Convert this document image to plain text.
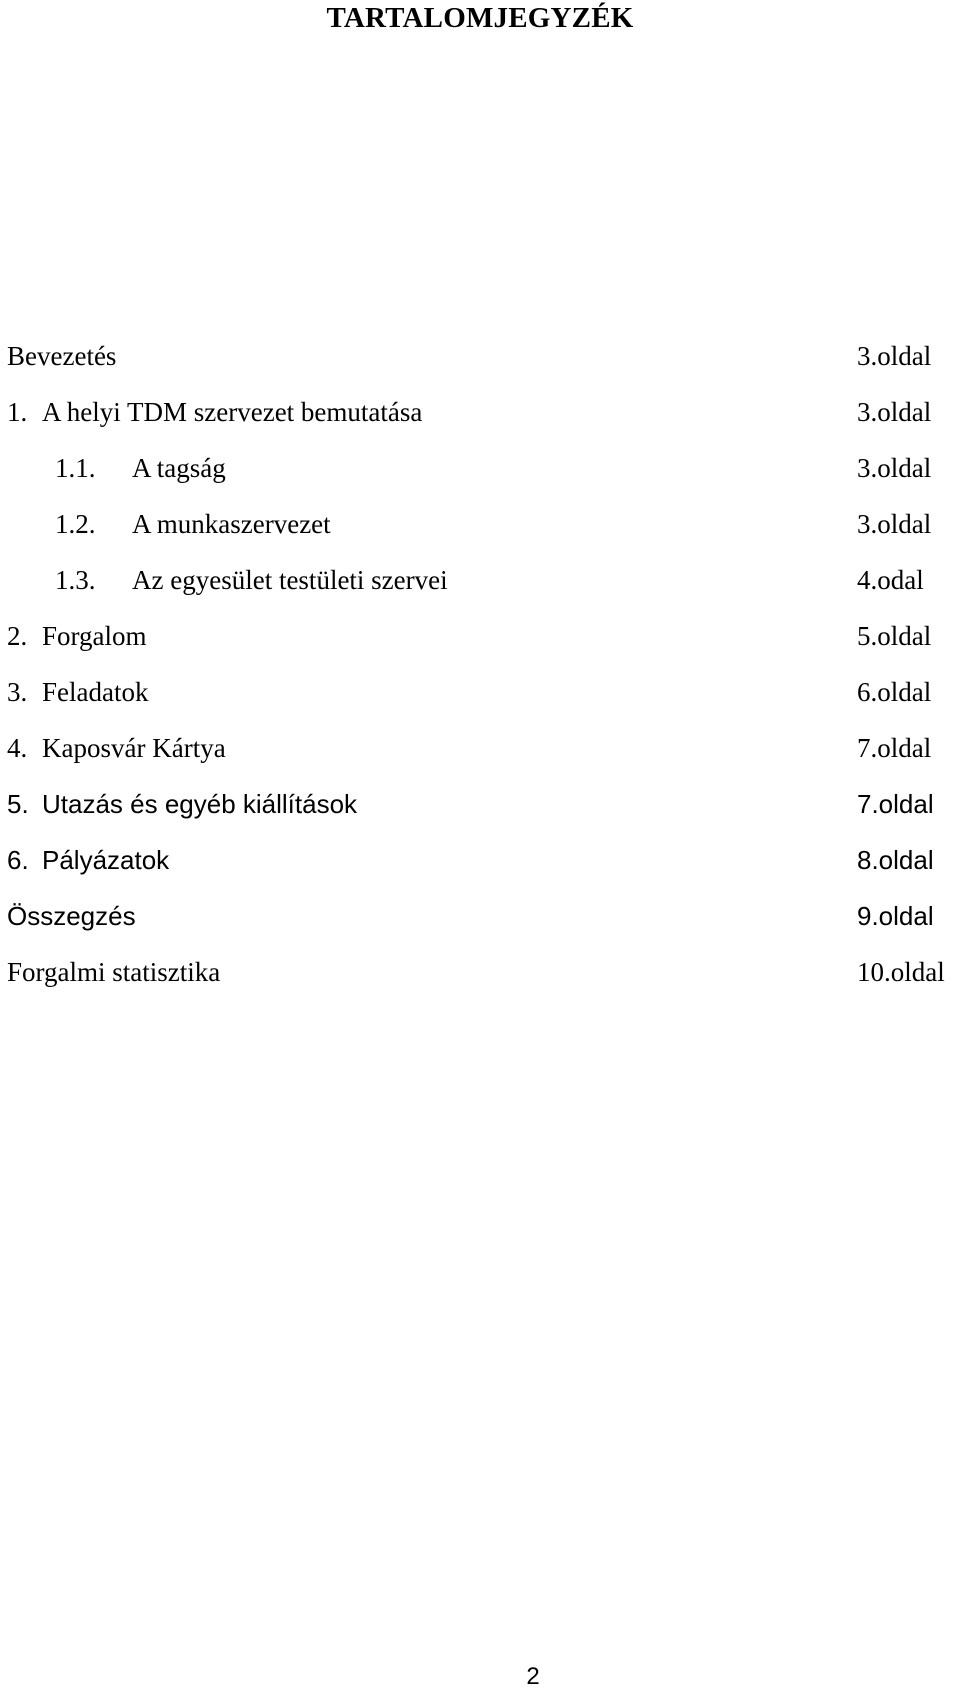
TARTALOMJEGYZÉK
Bevezetés	3.oldal
1. A helyi TDM szervezet bemutatása	3.oldal
1.1. A tagság	3.oldal
1.2. A munkaszervezet	3.oldal
1.3. Az egyesület testületi szervei	4.odal
2. Forgalom	5.oldal
3. Feladatok	6.oldal
4. Kaposvár Kártya	7.oldal
5. Utazás és egyéb kiállítások	7.oldal
6. Pályázatok	8.oldal
Összegzés	9.oldal
Forgalmi statisztika	10.oldal
2
